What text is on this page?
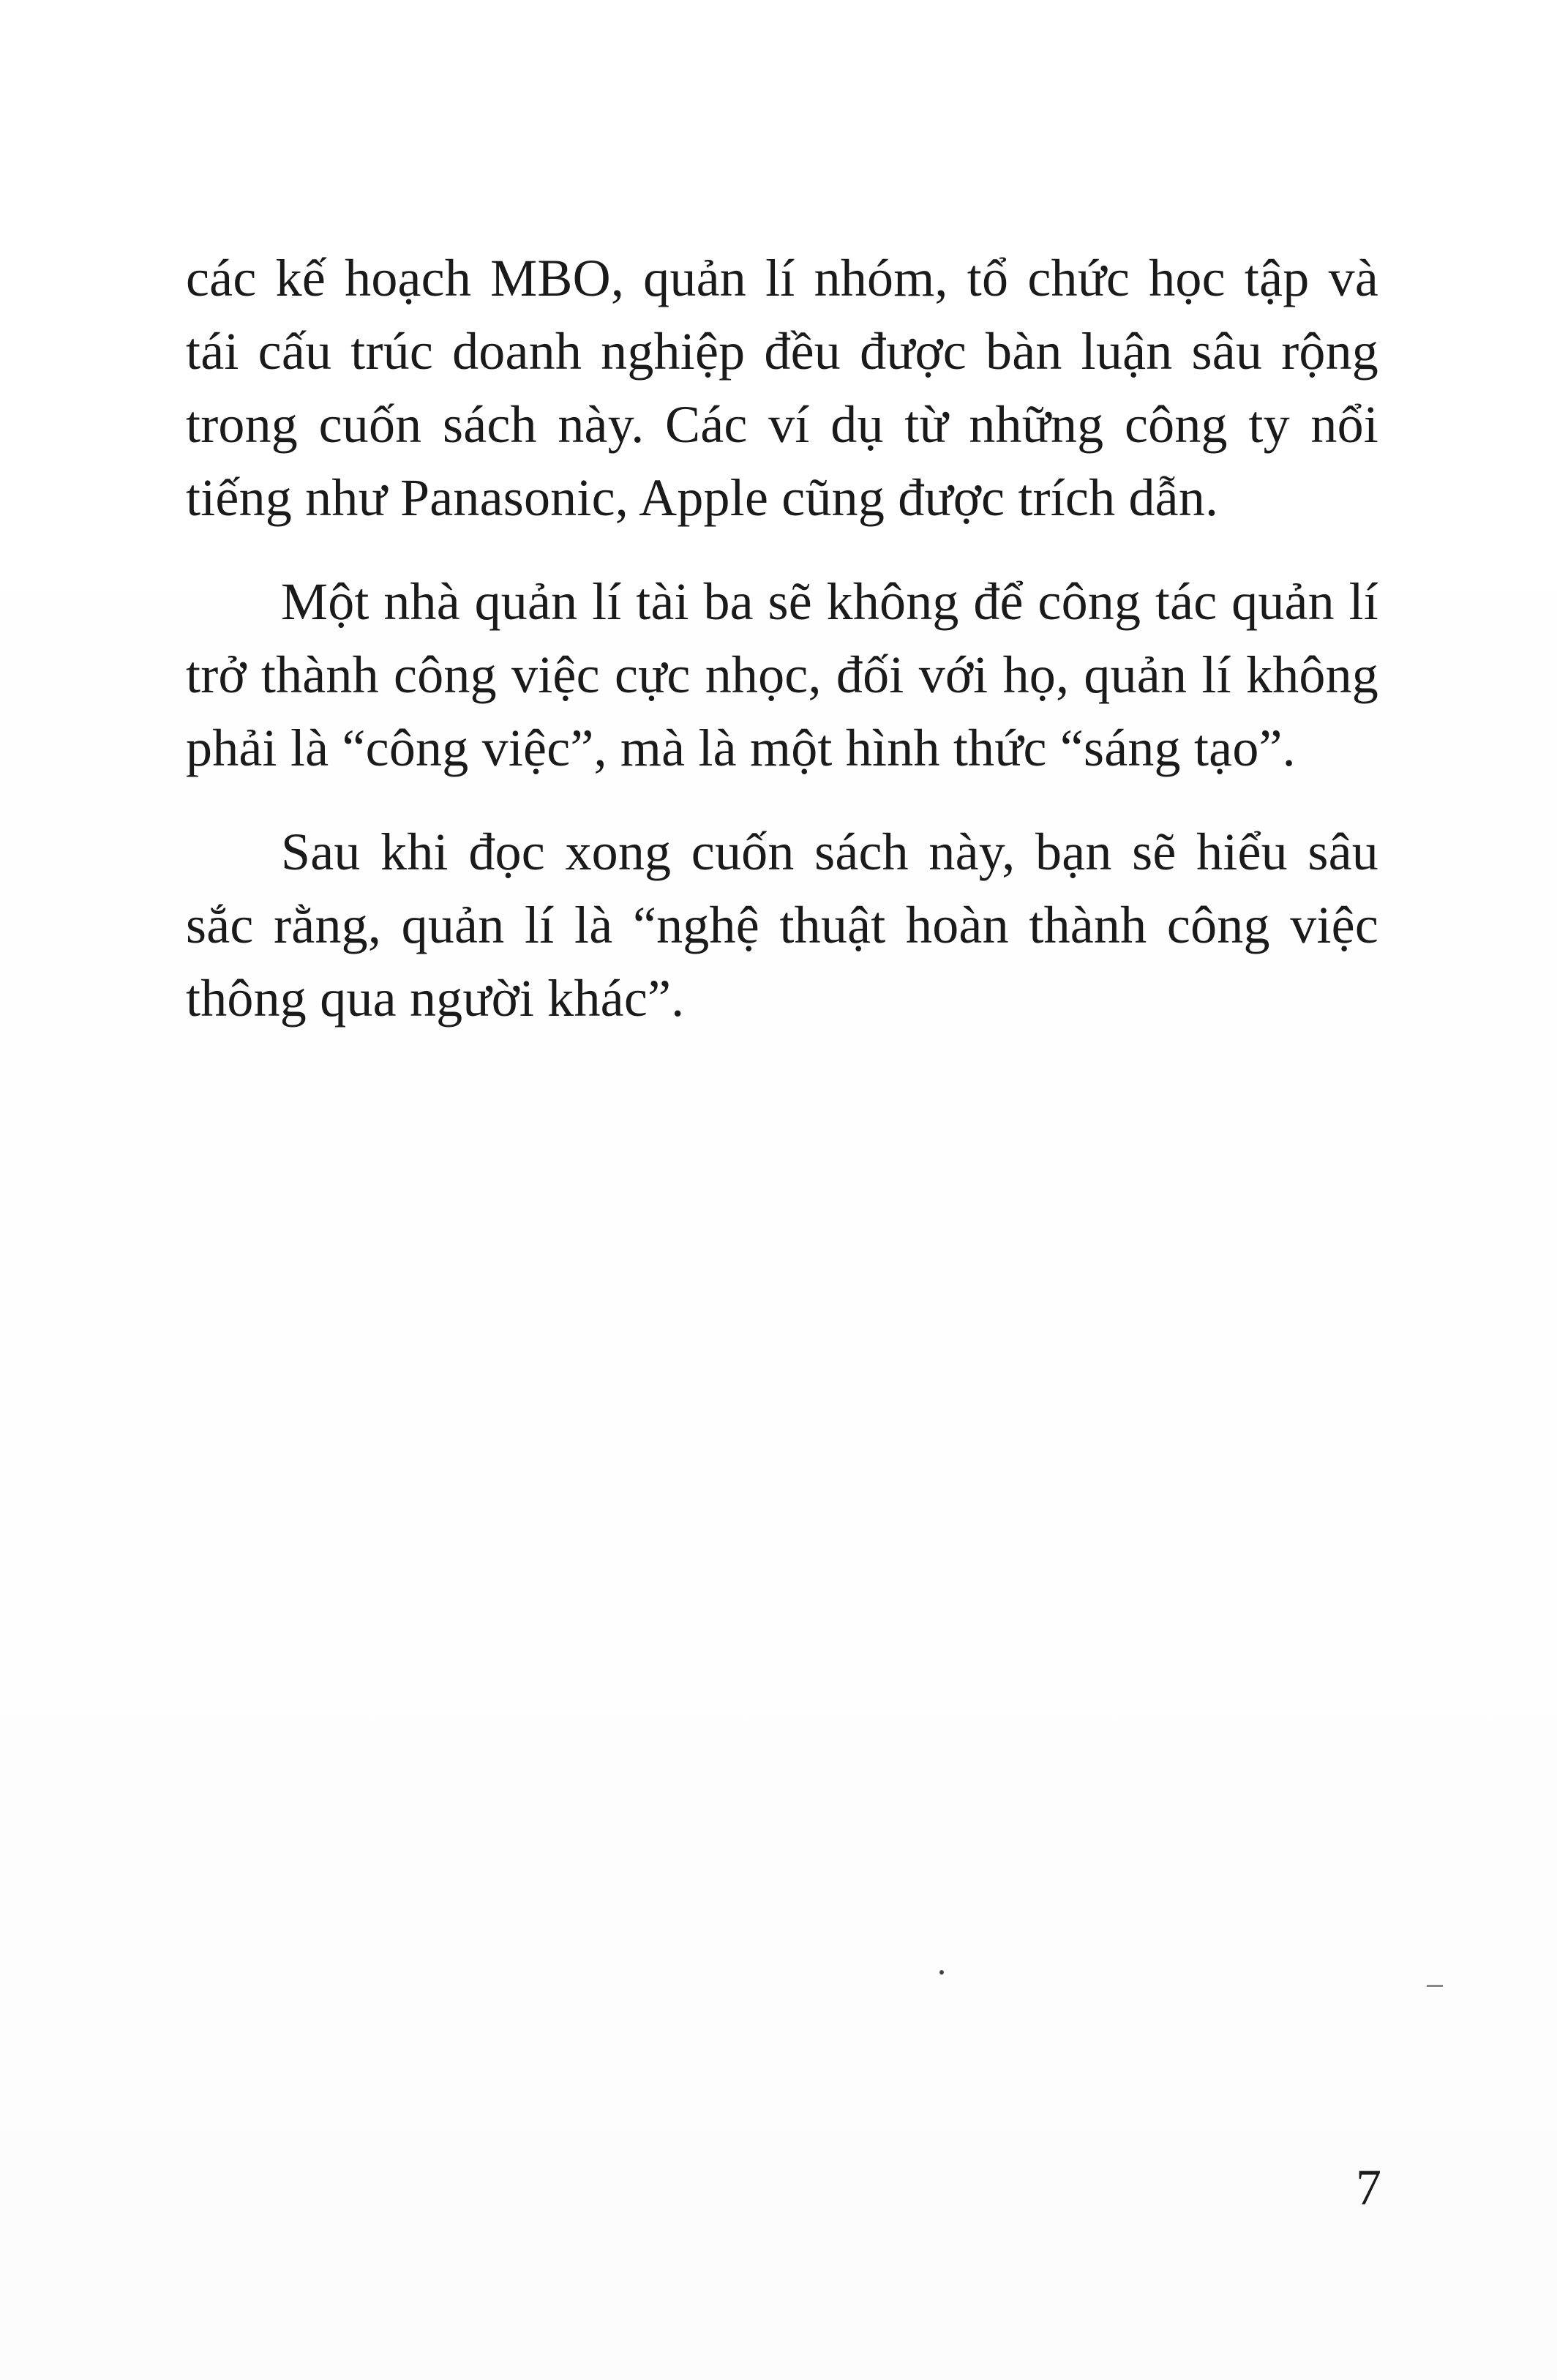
các kế hoạch MBO, quản lí nhóm, tổ chức học tập và tái cấu trúc doanh nghiệp đều được bàn luận sâu rộng trong cuốn sách này. Các ví dụ từ những công ty nổi tiếng như Panasonic, Apple cũng được trích dẫn.

Một nhà quản lí tài ba sẽ không để công tác quản lí trở thành công việc cực nhọc, đối với họ, quản lí không phải là “công việc”, mà là một hình thức “sáng tạo”.

Sau khi đọc xong cuốn sách này, bạn sẽ hiểu sâu sắc rằng, quản lí là “nghệ thuật hoàn thành công việc thông qua người khác”.

7
